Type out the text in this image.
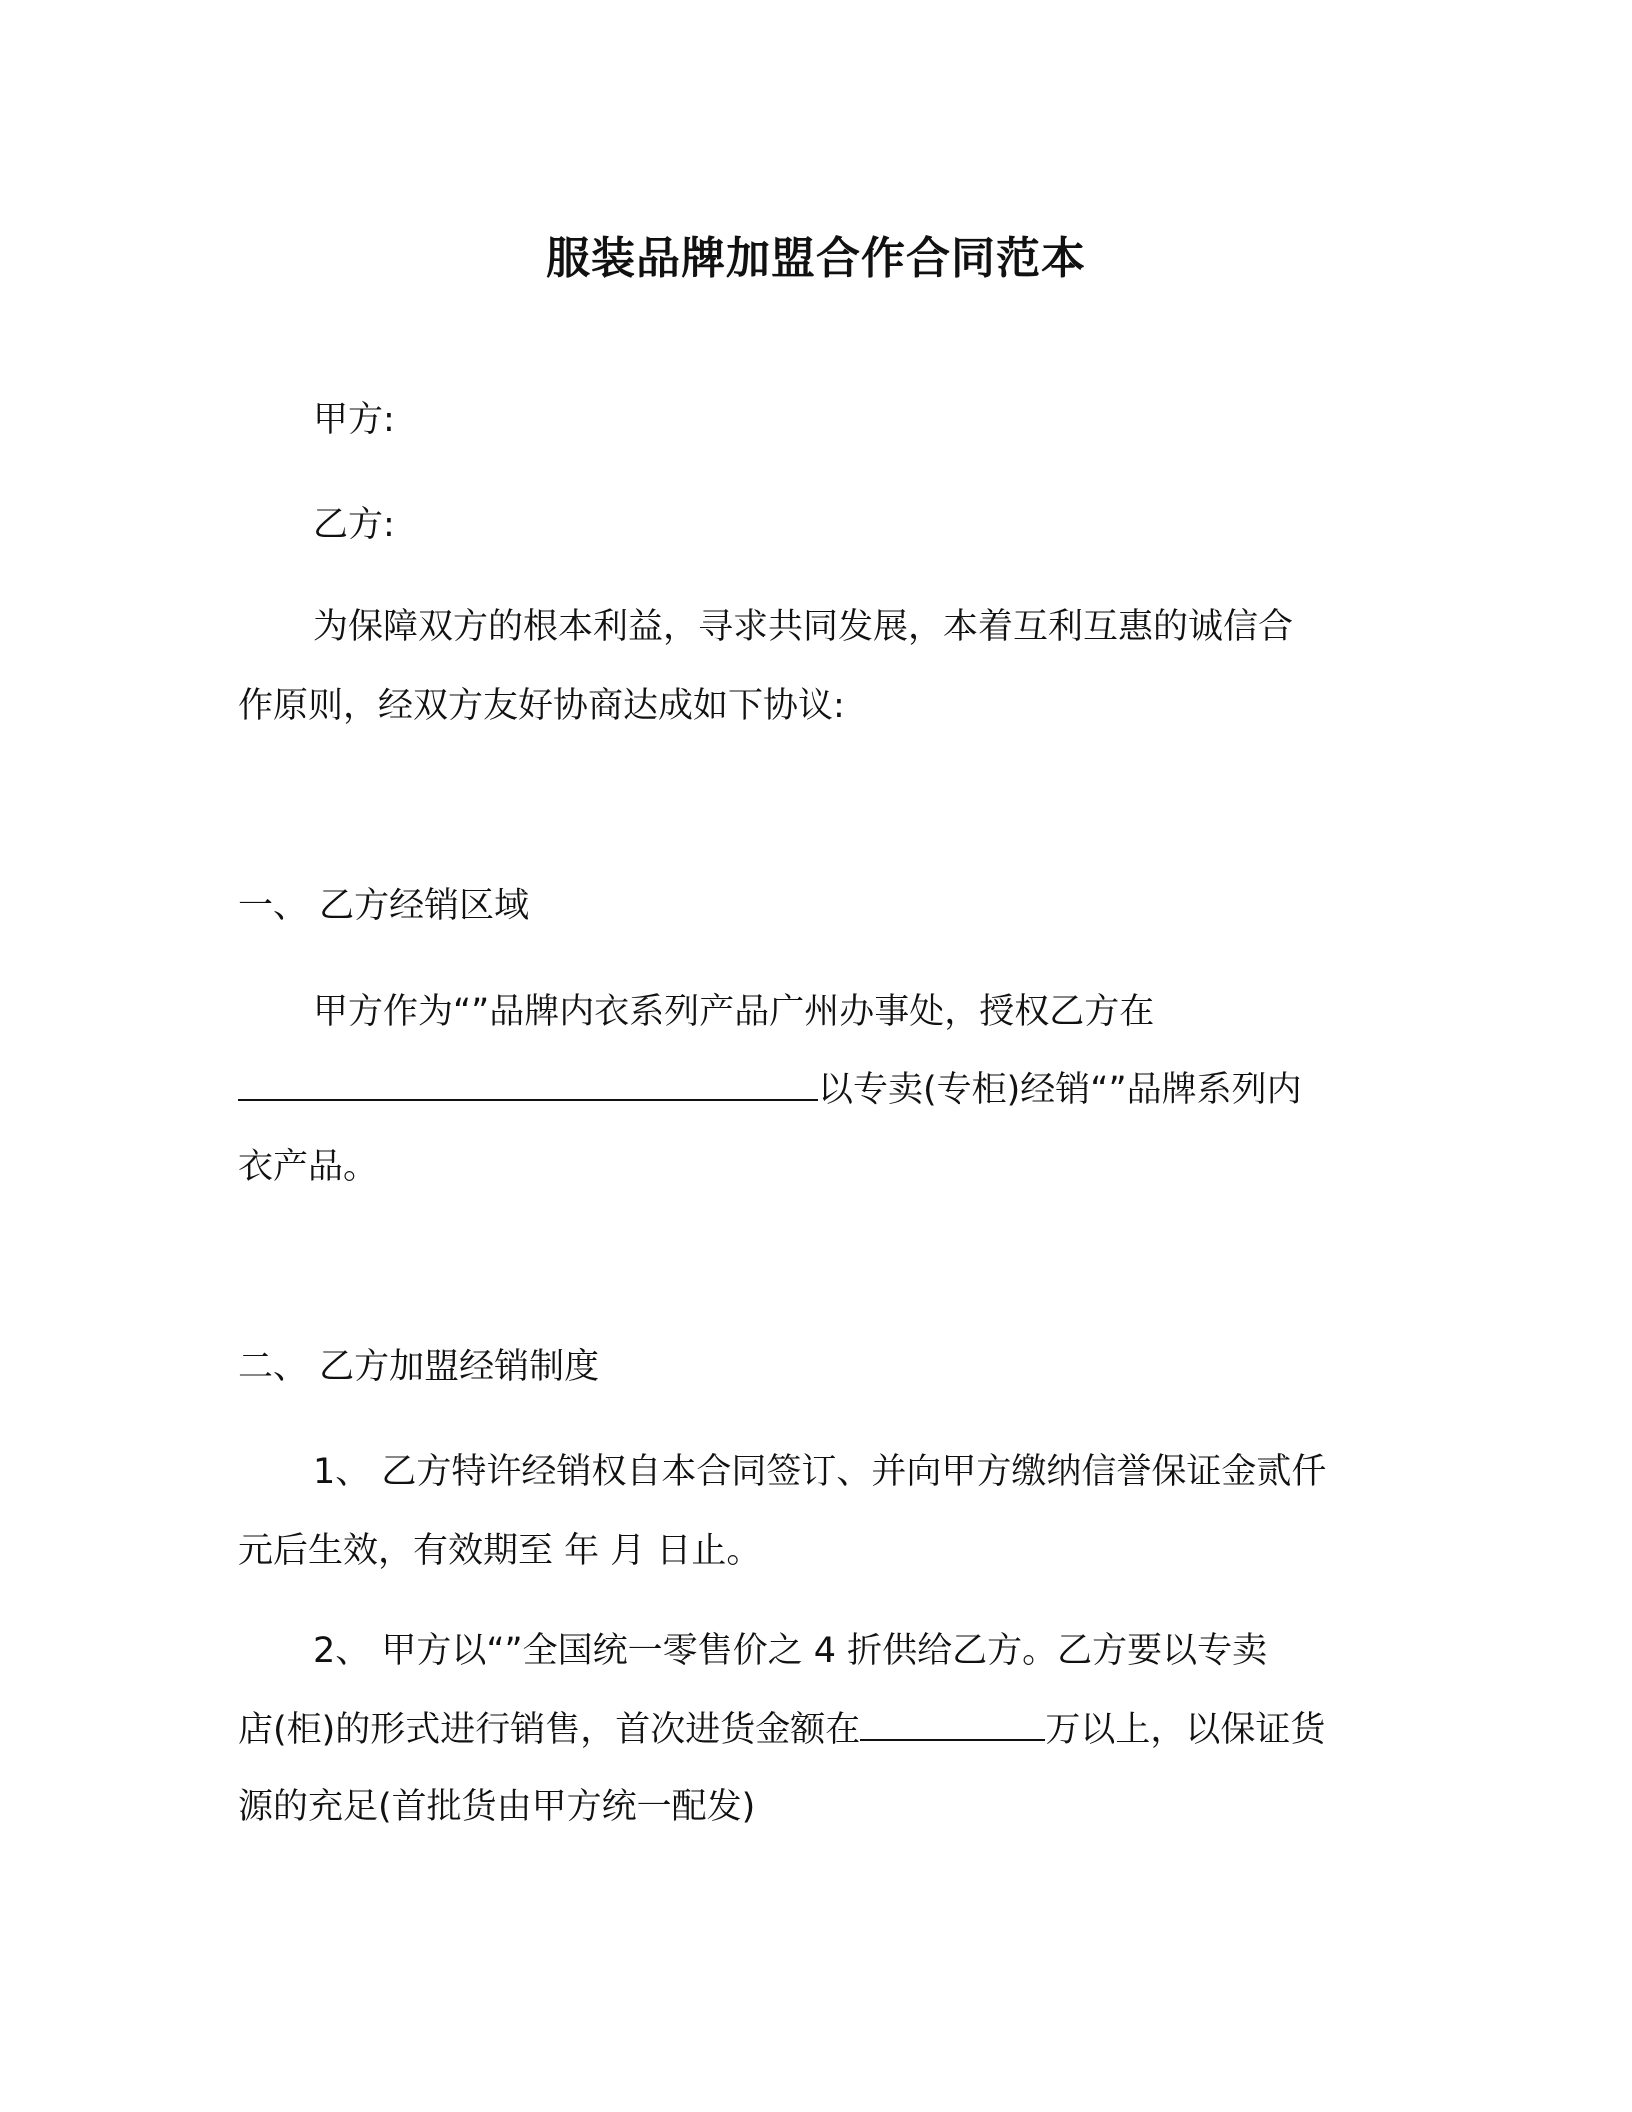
服装品牌加盟合作合同范本
甲方:
乙方:
为保障双方的根本利益，寻求共同发展，本着互利互惠的诚信合
作原则，经双方友好协商达成如下协议:
一、 乙方经销区域
甲方作为“”品牌内衣系列产品广州办事处，授权乙方在
以专卖(专柜)经销“”品牌系列内
衣产品。
二、 乙方加盟经销制度
1、 乙方特许经销权自本合同签订、并向甲方缴纳信誉保证金贰仟
元后生效，有效期至 年 月 日止。
2、 甲方以“”全国统一零售价之 4 折供给乙方。乙方要以专卖
店(柜)的形式进行销售，首次进货金额在	万以上，以保证货
源的充足(首批货由甲方统一配发)
